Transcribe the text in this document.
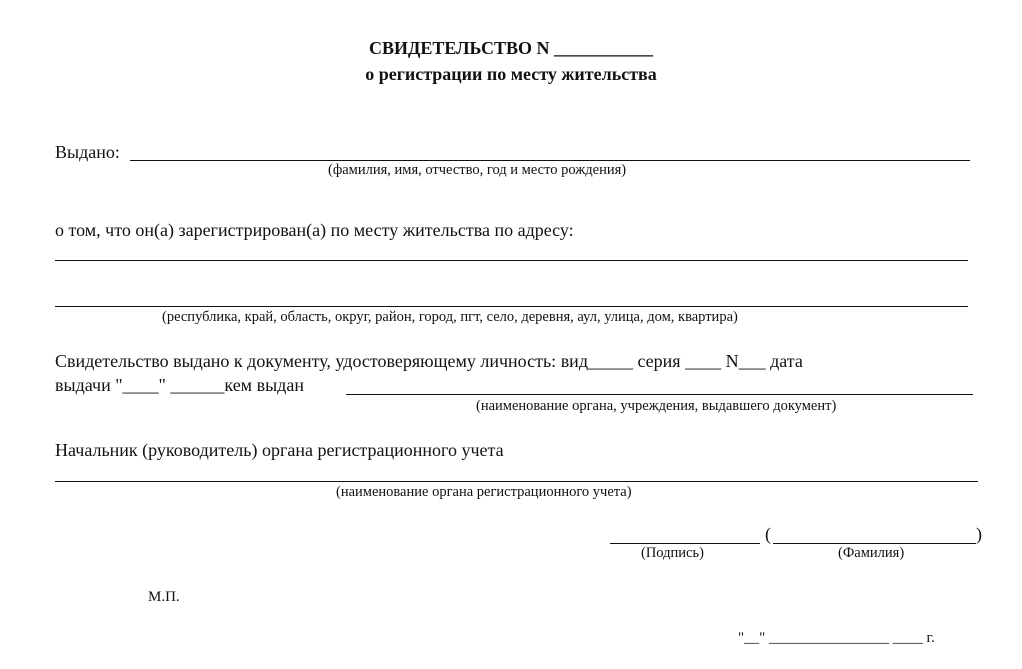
СВИДЕТЕЛЬСТВО N ___________
о регистрации по месту жительства
Выдано:
(фамилия, имя, отчество, год и место рождения)
о том, что он(а) зарегистрирован(а) по месту жительства по адресу:
(республика, край, область, округ, район, город, пгт, село, деревня, аул, улица, дом, квартира)
Свидетельство выдано к документу, удостоверяющему личность: вид_____ серия ____ N___ дата
выдачи "____" ______кем выдан
(наименование органа, учреждения, выдавшего документ)
Начальник (руководитель) органа регистрационного учета
(наименование органа регистрационного учета)
(	)
(Подпись)	(Фамилия)
М.П.
"__" ________________ ____ г.
